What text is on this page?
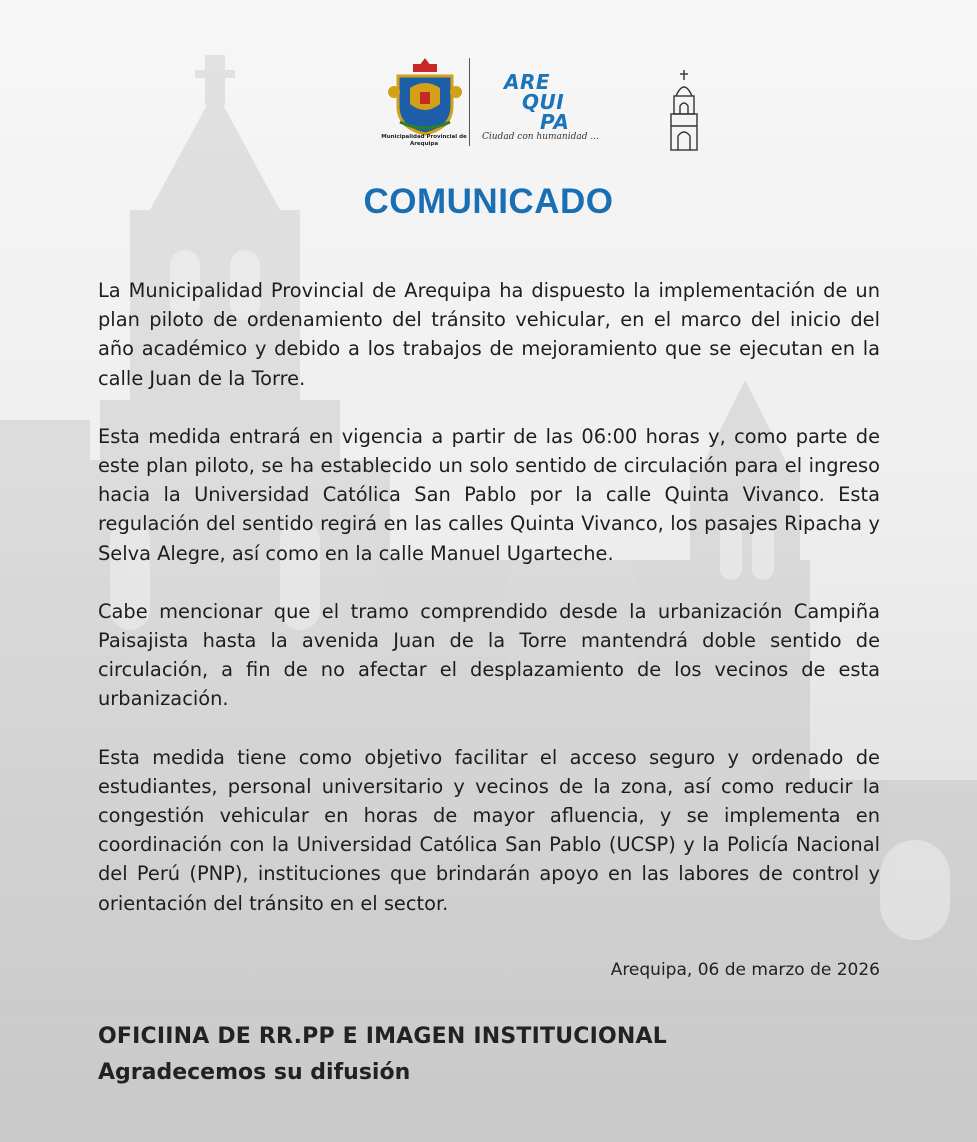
Municipalidad Provincial de Arequipa
ARE
QUI
PA
Ciudad con humanidad ...
COMUNICADO

La Municipalidad Provincial de Arequipa ha dispuesto la implementación de un plan piloto de ordenamiento del tránsito vehicular, en el marco del inicio del año académico y debido a los trabajos de mejoramiento que se ejecutan en la calle Juan de la Torre.

Esta medida entrará en vigencia a partir de las 06:00 horas y, como parte de este plan piloto, se ha establecido un solo sentido de circulación para el ingreso hacia la Universidad Católica San Pablo por la calle Quinta Vivanco. Esta regulación del sentido regirá en las calles Quinta Vivanco, los pasajes Ripacha y Selva Alegre, así como en la calle Manuel Ugarteche.

Cabe mencionar que el tramo comprendido desde la urbanización Campiña Paisajista hasta la avenida Juan de la Torre mantendrá doble sentido de circulación, a fin de no afectar el desplazamiento de los vecinos de esta urbanización.

Esta medida tiene como objetivo facilitar el acceso seguro y ordenado de estudiantes, personal universitario y vecinos de la zona, así como reducir la congestión vehicular en horas de mayor afluencia, y se implementa en coordinación con la Universidad Católica San Pablo (UCSP) y la Policía Nacional del Perú (PNP), instituciones que brindarán apoyo en las labores de control y orientación del tránsito en el sector.

Arequipa, 06 de marzo de 2026
OFICIINA DE RR.PP E IMAGEN INSTITUCIONAL
Agradecemos su difusión
